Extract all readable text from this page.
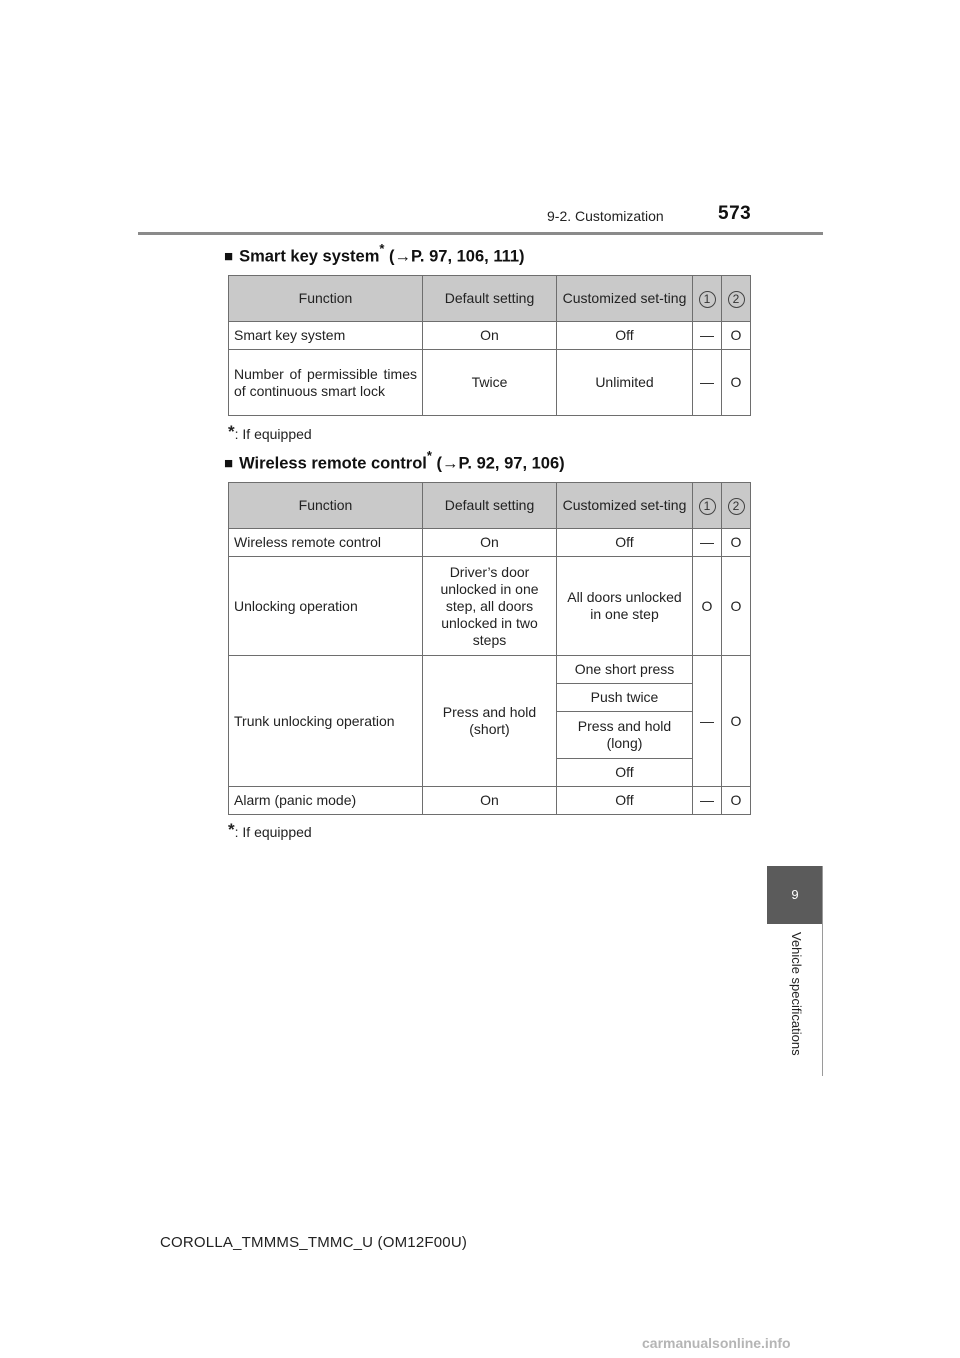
9-2. Customization	573
■ Smart key system* (→P. 97, 106, 111)
Function	Default setting	Customized set-ting	1	2
Smart key system	On	Off	—	O
Number of permissible times of continuous smart lock	Twice	Unlimited	—	O
*: If equipped
■ Wireless remote control* (→P. 92, 97, 106)
Function	Default setting	Customized set-ting	1	2
Wireless remote control	On	Off	—	O
Unlocking operation	Driver’s door unlocked in one step, all doors unlocked in two steps	All doors unlocked in one step	O	O
Trunk unlocking operation	Press and hold (short)	One short press	—	O
		Push twice		
		Press and hold (long)		
		Off		
Alarm (panic mode)	On	Off	—	O
*: If equipped
9
Vehicle specifications
COROLLA_TMMMS_TMMC_U (OM12F00U)
carmanualsonline.info
